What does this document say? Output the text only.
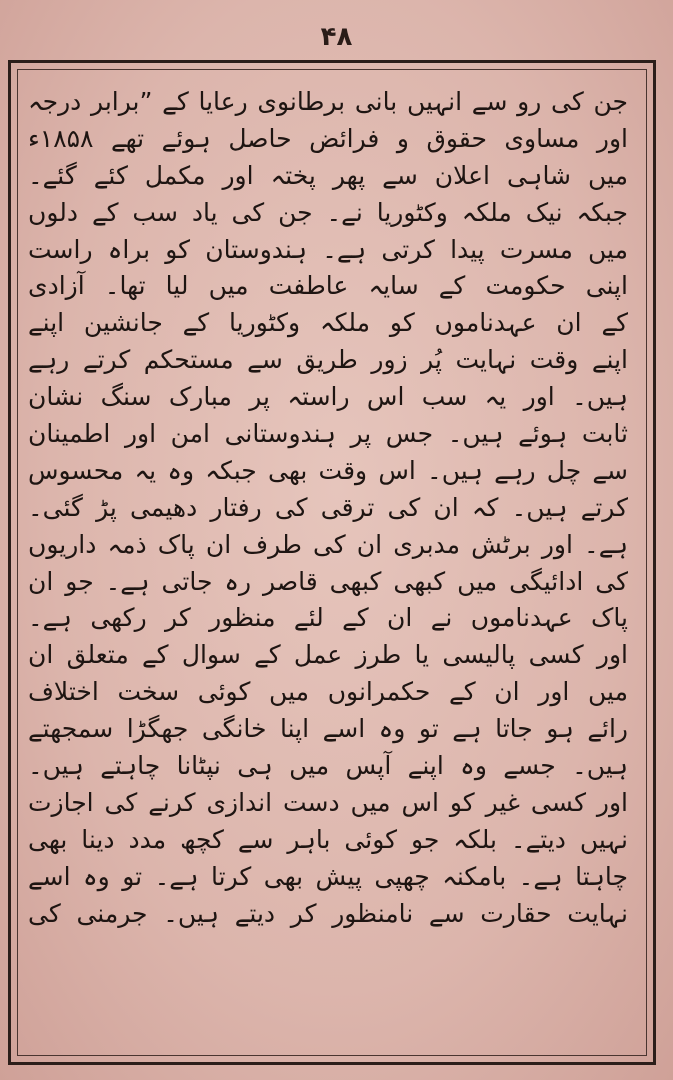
۴۸
جن کی رو سے انہیں بانی برطانوی رعایا کے ”برابر درجہ
اور مساوی حقوق و فرائض حاصل ہوئے تھے ۱۸۵۸ء
میں شاہی اعلان سے پھر پختہ اور مکمل کئے گئے۔
جبکہ نیک ملکہ وکٹوریا نے۔ جن کی یاد سب کے دلوں
میں مسرت پیدا کرتی ہے۔ ہندوستان کو براہ راست
اپنی حکومت کے سایہ عاطفت میں لیا تھا۔ آزادی
کے ان عہدناموں کو ملکہ وکٹوریا کے جانشین اپنے
اپنے وقت نہایت پُر زور طریق سے مستحکم کرتے رہے
ہیں۔ اور یہ سب اس راستہ پر مبارک سنگ نشان
ثابت ہوئے ہیں۔ جس پر ہندوستانی امن اور اطمینان
سے چل رہے ہیں۔ اس وقت بھی جبکہ وہ یہ محسوس
کرتے ہیں۔ کہ ان کی ترقی کی رفتار دھیمی پڑ گئی۔
ہے۔ اور برٹش مدبری ان کی طرف ان پاک ذمہ داریوں
کی ادائیگی میں کبھی کبھی قاصر رہ جاتی ہے۔ جو ان
پاک عہدناموں نے ان کے لئے منظور کر رکھی ہے۔
اور کسی پالیسی یا طرز عمل کے سوال کے متعلق ان
میں اور ان کے حکمرانوں میں کوئی سخت اختلاف
رائے ہو جاتا ہے تو وہ اسے اپنا خانگی جھگڑا سمجھتے
ہیں۔ جسے وہ اپنے آپس میں ہی نپٹانا چاہتے ہیں۔
اور کسی غیر کو اس میں دست اندازی کرنے کی اجازت
نہیں دیتے۔ بلکہ جو کوئی باہر سے کچھ مدد دینا بھی
چاہتا ہے۔ بامکنہ چھپی پیش بھی کرتا ہے۔ تو وہ اسے
نہایت حقارت سے نامنظور کر دیتے ہیں۔ جرمنی کی
